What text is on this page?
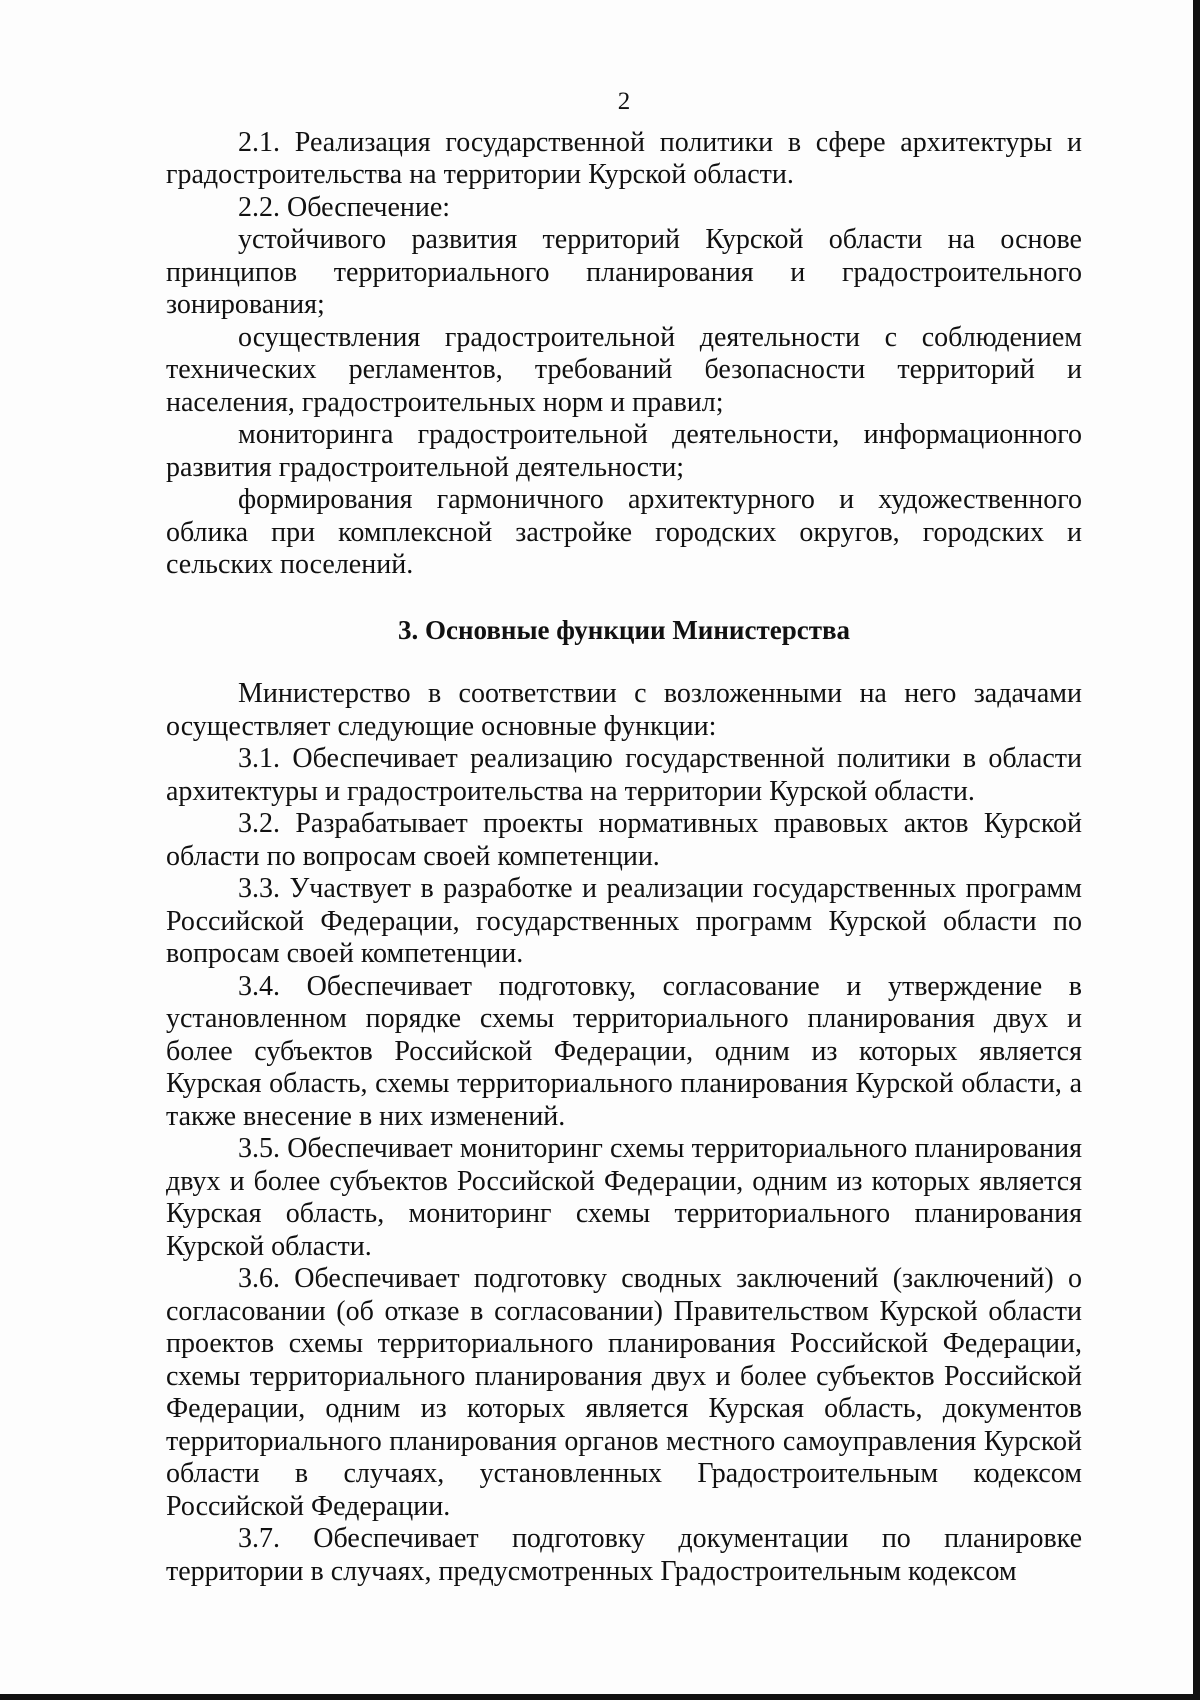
2

2.1. Реализация государственной политики в сфере архитектуры и градостроительства на территории Курской области.

2.2. Обеспечение:

устойчивого развития территорий Курской области на основе принципов территориального планирования и градостроительного зонирования;

осуществления градостроительной деятельности с соблюдением технических регламентов, требований безопасности территорий и населения, градостроительных норм и правил;

мониторинга градостроительной деятельности, информационного развития градостроительной деятельности;

формирования гармоничного архитектурного и художественного облика при комплексной застройке городских округов, городских и сельских поселений.

3. Основные функции Министерства

Министерство в соответствии с возложенными на него задачами осуществляет следующие основные функции:

3.1. Обеспечивает реализацию государственной политики в области архитектуры и градостроительства на территории Курской области.

3.2. Разрабатывает проекты нормативных правовых актов Курской области по вопросам своей компетенции.

3.3. Участвует в разработке и реализации государственных программ Российской Федерации, государственных программ Курской области по вопросам своей компетенции.

3.4. Обеспечивает подготовку, согласование и утверждение в установленном порядке схемы территориального планирования двух и более субъектов Российской Федерации, одним из которых является Курская область, схемы территориального планирования Курской области, а также внесение в них изменений.

3.5. Обеспечивает мониторинг схемы территориального планирования двух и более субъектов Российской Федерации, одним из которых является Курская область, мониторинг схемы территориального планирования Курской области.

3.6. Обеспечивает подготовку сводных заключений (заключений) о согласовании (об отказе в согласовании) Правительством Курской области проектов схемы территориального планирования Российской Федерации, схемы территориального планирования двух и более субъектов Российской Федерации, одним из которых является Курская область, документов территориального планирования органов местного самоуправления Курской области в случаях, установленных Градостроительным кодексом Российской Федерации.

3.7. Обеспечивает подготовку документации по планировке территории в случаях, предусмотренных Градостроительным кодексом
